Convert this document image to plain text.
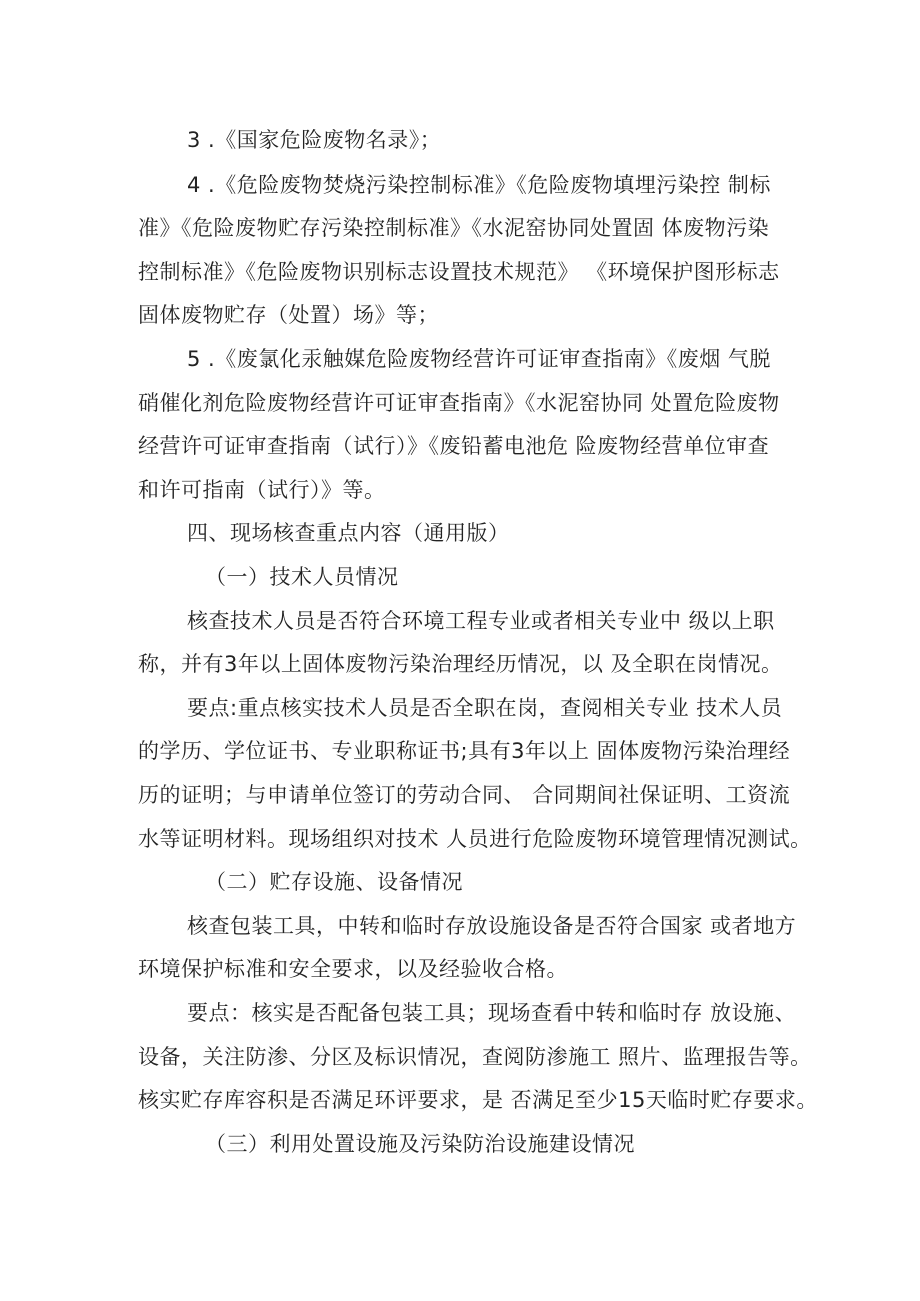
3 .《国家危险废物名录》；
4 .《危险废物焚烧污染控制标准》《危险废物填埋污染控 制标
准》《危险废物贮存污染控制标准》《水泥窑协同处置固 体废物污染
控制标准》《危险废物识别标志设置技术规范》 《环境保护图形标志
固体废物贮存（处置）场》等；
5 .《废氯化汞触媒危险废物经营许可证审查指南》《废烟 气脱
硝催化剂危险废物经营许可证审查指南》《水泥窑协同 处置危险废物
经营许可证审查指南（试行）》《废铅蓄电池危 险废物经营单位审查
和许可指南（试行）》等。
四、现场核查重点内容（通用版）
（一）技术人员情况
核查技术人员是否符合环境工程专业或者相关专业中 级以上职
称，并有3年以上固体废物污染治理经历情况，以 及全职在岗情况。
要点:重点核实技术人员是否全职在岗，查阅相关专业 技术人员
的学历、学位证书、专业职称证书;具有3年以上 固体废物污染治理经
历的证明；与申请单位签订的劳动合同、 合同期间社保证明、工资流
水等证明材料。现场组织对技术 人员进行危险废物环境管理情况测试。
（二）贮存设施、设备情况
核查包装工具，中转和临时存放设施设备是否符合国家 或者地方
环境保护标准和安全要求，以及经验收合格。
要点：核实是否配备包装工具；现场查看中转和临时存 放设施、
设备，关注防渗、分区及标识情况，查阅防渗施工 照片、监理报告等。
核实贮存库容积是否满足环评要求，是 否满足至少15天临时贮存要求。
（三）利用处置设施及污染防治设施建设情况
